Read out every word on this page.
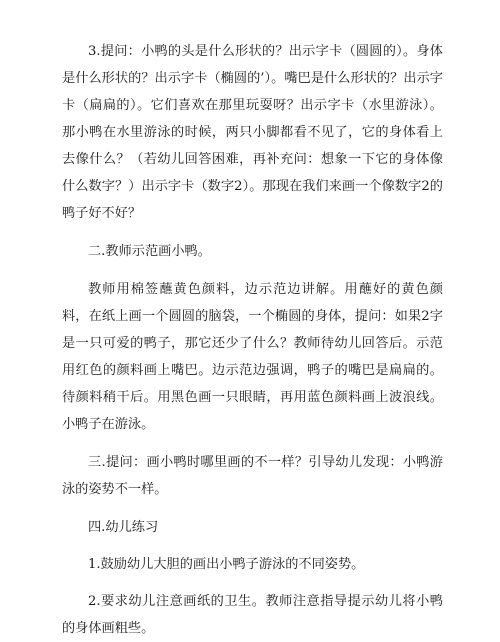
3.提问：小鸭的头是什么形状的？出示字卡（圆圆的）。身体是什么形状的？出示字卡（椭圆的’）。嘴巴是什么形状的？出示字卡（扁扁的）。它们喜欢在那里玩耍呀？出示字卡（水里游泳）。那小鸭在水里游泳的时候，两只小脚都看不见了，它的身体看上去像什么？（若幼儿回答困难，再补充问：想象一下它的身体像什么数字？）出示字卡（数字2）。那现在我们来画一个像数字2的鸭子好不好？

二.教师示范画小鸭。

教师用棉签蘸黄色颜料，边示范边讲解。用蘸好的黄色颜料，在纸上画一个圆圆的脑袋，一个椭圆的身体，提问：如果2字是一只可爱的鸭子，那它还少了什么？教师待幼儿回答后。示范用红色的颜料画上嘴巴。边示范边强调，鸭子的嘴巴是扁扁的。待颜料稍干后。用黑色画一只眼睛，再用蓝色颜料画上波浪线。小鸭子在游泳。

三.提问：画小鸭时哪里画的不一样？引导幼儿发现：小鸭游泳的姿势不一样。

四.幼儿练习

1.鼓励幼儿大胆的画出小鸭子游泳的不同姿势。

2.要求幼儿注意画纸的卫生。教师注意指导提示幼儿将小鸭的身体画粗些。
